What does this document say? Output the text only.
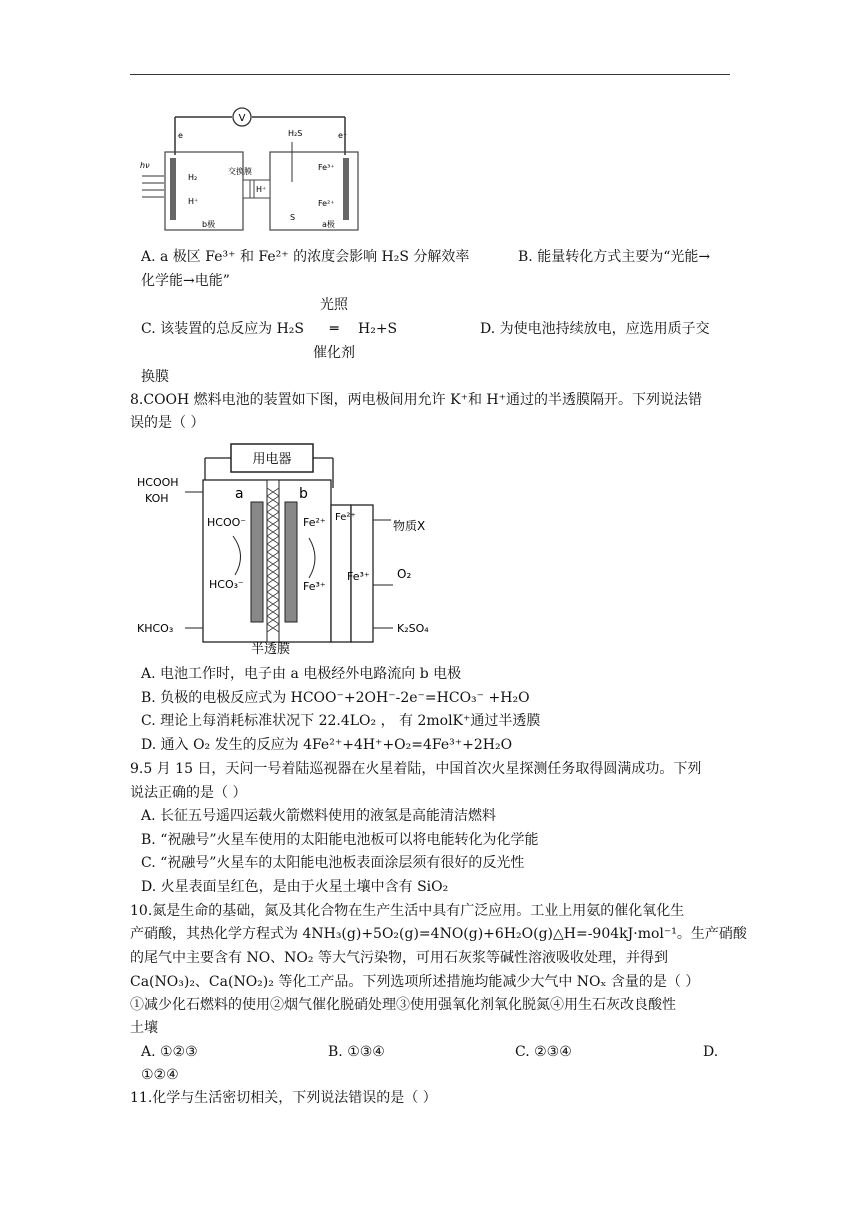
V
e	e⁻
hν
H₂
H⁺
交换膜
H⁺
H₂S
S
Fe³⁺
Fe²⁺
b极	a极
A. a 极区 Fe³⁺ 和 Fe²⁺ 的浓度会影响 H₂S 分解效率	B. 能量转化方式主要为“光能→
化学能→电能”
光照
C. 该装置的总反应为 H₂S ═ H₂+S
催化剂
D. 为使电池持续放电，应选用质子交
换膜
8.COOH 燃料电池的装置如下图，两电极间用允许 K⁺和 H⁺通过的半透膜隔开。下列说法错
误的是（ ）
用电器
HCOOH
KOH	a	b
HCOO⁻
HCO₃⁻
Fe²⁺
Fe³⁺
Fe²⁺
物质X
O₂
Fe³⁺
KHCO₃	K₂SO₄
半透膜
A. 电池工作时，电子由 a 电极经外电路流向 b 电极
B. 负极的电极反应式为 HCOO⁻+2OH⁻-2e⁻=HCO₃⁻ +H₂O
C. 理论上每消耗标准状况下 22.4LO₂ ， 有 2molK⁺通过半透膜
D. 通入 O₂ 发生的反应为 4Fe²⁺+4H⁺+O₂=4Fe³⁺+2H₂O
9.5 月 15 日，天问一号着陆巡视器在火星着陆，中国首次火星探测任务取得圆满成功。下列
说法正确的是（ ）
A. 长征五号遥四运载火箭燃料使用的液氢是高能清洁燃料
B. “祝融号”火星车使用的太阳能电池板可以将电能转化为化学能
C. “祝融号”火星车的太阳能电池板表面涂层须有很好的反光性
D. 火星表面呈红色，是由于火星土壤中含有 SiO₂
10.氮是生命的基础，氮及其化合物在生产生活中具有广泛应用。工业上用氨的催化氧化生
产硝酸，其热化学方程式为 4NH₃(g)+5O₂(g)=4NO(g)+6H₂O(g)△H=-904kJ·mol⁻¹。生产硝酸
的尾气中主要含有 NO、NO₂ 等大气污染物，可用石灰浆等碱性溶液吸收处理，并得到
Ca(NO₃)₂、Ca(NO₂)₂ 等化工产品。下列选项所述措施均能减少大气中 NOₓ 含量的是（ ）
①减少化石燃料的使用②烟气催化脱硝处理③使用强氧化剂氧化脱氮④用生石灰改良酸性
土壤
A. ①②③	B. ①③④	C. ②③④	D.
①②④
11.化学与生活密切相关，下列说法错误的是（ ）
